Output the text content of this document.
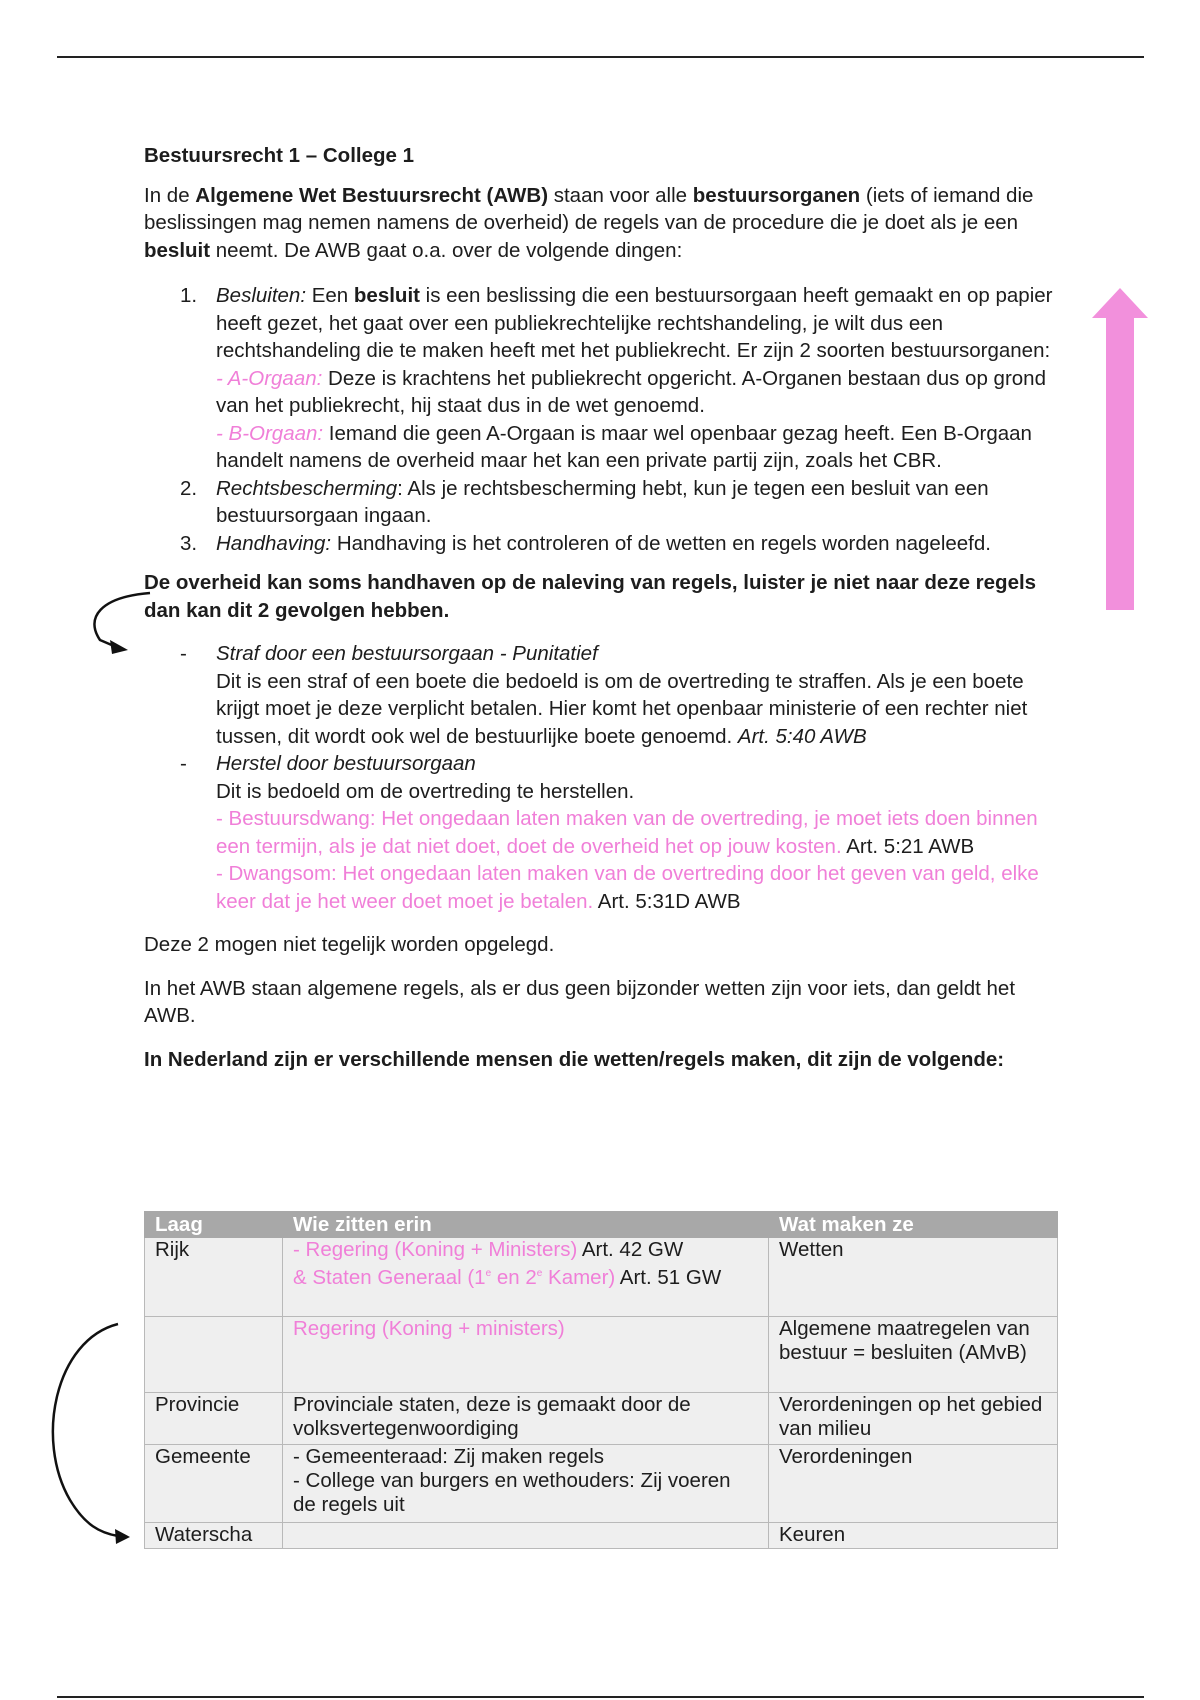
Bestuursrecht 1 – College 1

In de Algemene Wet Bestuursrecht (AWB) staan voor alle bestuursorganen (iets of iemand die beslissingen mag nemen namens de overheid) de regels van de procedure die je doet als je een besluit neemt. De AWB gaat o.a. over de volgende dingen:

1. Besluiten: Een besluit is een beslissing die een bestuursorgaan heeft gemaakt en op papier heeft gezet, het gaat over een publiekrechtelijke rechtshandeling, je wilt dus een rechtshandeling die te maken heeft met het publiekrecht. Er zijn 2 soorten bestuursorganen:
- A-Orgaan: Deze is krachtens het publiekrecht opgericht. A-Organen bestaan dus op grond van het publiekrecht, hij staat dus in de wet genoemd.
- B-Orgaan: Iemand die geen A-Orgaan is maar wel openbaar gezag heeft. Een B-Orgaan handelt namens de overheid maar het kan een private partij zijn, zoals het CBR.
2. Rechtsbescherming: Als je rechtsbescherming hebt, kun je tegen een besluit van een bestuursorgaan ingaan.
3. Handhaving: Handhaving is het controleren of de wetten en regels worden nageleefd.

De overheid kan soms handhaven op de naleving van regels, luister je niet naar deze regels dan kan dit 2 gevolgen hebben.

- Straf door een bestuursorgaan - Punitatief
Dit is een straf of een boete die bedoeld is om de overtreding te straffen. Als je een boete krijgt moet je deze verplicht betalen. Hier komt het openbaar ministerie of een rechter niet tussen, dit wordt ook wel de bestuurlijke boete genoemd. Art. 5:40 AWB
- Herstel door bestuursorgaan
Dit is bedoeld om de overtreding te herstellen.
- Bestuursdwang: Het ongedaan laten maken van de overtreding, je moet iets doen binnen een termijn, als je dat niet doet, doet de overheid het op jouw kosten. Art. 5:21 AWB
- Dwangsom: Het ongedaan laten maken van de overtreding door het geven van geld, elke keer dat je het weer doet moet je betalen. Art. 5:31D AWB

Deze 2 mogen niet tegelijk worden opgelegd.

In het AWB staan algemene regels, als er dus geen bijzonder wetten zijn voor iets, dan geldt het AWB.

In Nederland zijn er verschillende mensen die wetten/regels maken, dit zijn de volgende:

Laag	Wie zitten erin	Wat maken ze
Rijk	- Regering (Koning + Ministers) Art. 42 GW
& Staten Generaal (1e en 2e Kamer) Art. 51 GW	Wetten
	Regering (Koning + ministers)	Algemene maatregelen van bestuur = besluiten (AMvB)
Provincie	Provinciale staten, deze is gemaakt door de volksvertegenwoordiging	Verordeningen op het gebied van milieu
Gemeente	- Gemeenteraad: Zij maken regels
- College van burgers en wethouders: Zij voeren de regels uit	Verordeningen
Waterscha		Keuren
